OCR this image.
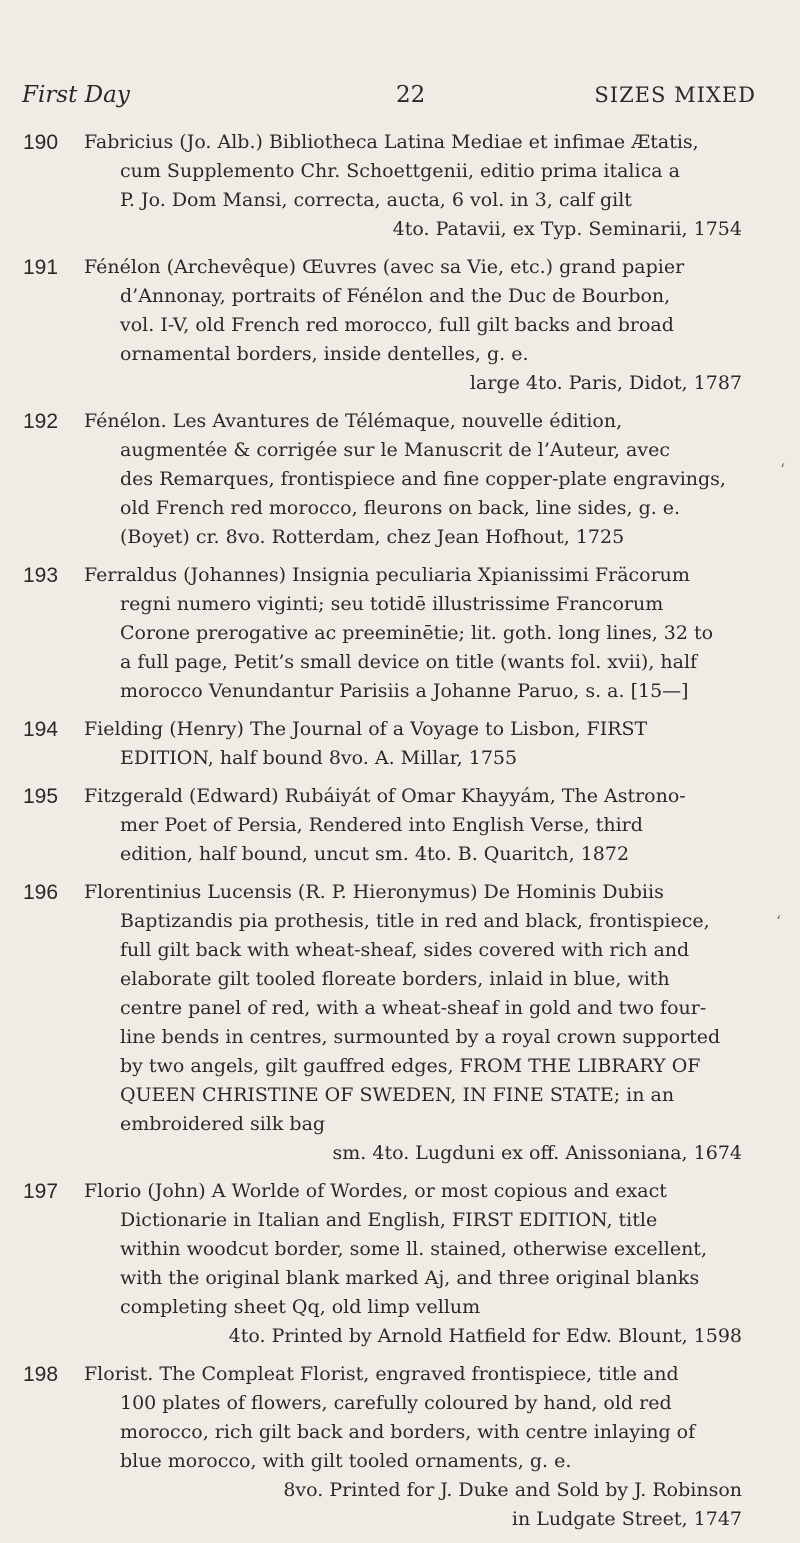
First Day	22	SIZES MIXED
190 Fabricius (Jo. Alb.) Bibliotheca Latina Mediae et infimae Ætatis,
cum Supplemento Chr. Schoettgenii, editio prima italica a
P. Jo. Dom Mansi, correcta, aucta, 6 vol. in 3, calf gilt
4to. Patavii, ex Typ. Seminarii, 1754
191 Fénélon (Archevêque) Œuvres (avec sa Vie, etc.) grand papier
d’Annonay, portraits of Fénélon and the Duc de Bourbon,
vol. I-V, old French red morocco, full gilt backs and broad
ornamental borders, inside dentelles, g. e.
large 4to. Paris, Didot, 1787
192 Fénélon. Les Avantures de Télémaque, nouvelle édition,
augmentée & corrigée sur le Manuscrit de l’Auteur, avec
des Remarques, frontispiece and fine copper-plate engravings,
old French red morocco, fleurons on back, line sides, g. e.
(Boyet) cr. 8vo. Rotterdam, chez Jean Hofhout, 1725
193 Ferraldus (Johannes) Insignia peculiaria Xpianissimi Fräcorum
regni numero viginti; seu totidē illustrissime Francorum
Corone prerogative ac preeminētie; lit. goth. long lines, 32 to
a full page, Petit’s small device on title (wants fol. xvii), half
morocco Venundantur Parisiis a Johanne Paruo, s. a. [15—]
194 Fielding (Henry) The Journal of a Voyage to Lisbon, FIRST
EDITION, half bound 8vo. A. Millar, 1755
195 Fitzgerald (Edward) Rubáiyát of Omar Khayyám, The Astrono-
mer Poet of Persia, Rendered into English Verse, third
edition, half bound, uncut sm. 4to. B. Quaritch, 1872
196 Florentinius Lucensis (R. P. Hieronymus) De Hominis Dubiis
Baptizandis pia prothesis, title in red and black, frontispiece,
full gilt back with wheat-sheaf, sides covered with rich and
elaborate gilt tooled floreate borders, inlaid in blue, with
centre panel of red, with a wheat-sheaf in gold and two four-
line bends in centres, surmounted by a royal crown supported
by two angels, gilt gauffred edges, FROM THE LIBRARY OF
QUEEN CHRISTINE OF SWEDEN, IN FINE STATE; in an
embroidered silk bag
sm. 4to. Lugduni ex off. Anissoniana, 1674
197 Florio (John) A Worlde of Wordes, or most copious and exact
Dictionarie in Italian and English, FIRST EDITION, title
within woodcut border, some ll. stained, otherwise excellent,
with the original blank marked Aj, and three original blanks
completing sheet Qq, old limp vellum
4to. Printed by Arnold Hatfield for Edw. Blount, 1598
198 Florist. The Compleat Florist, engraved frontispiece, title and
100 plates of flowers, carefully coloured by hand, old red
morocco, rich gilt back and borders, with centre inlaying of
blue morocco, with gilt tooled ornaments, g. e.
8vo. Printed for J. Duke and Sold by J. Robinson
in Ludgate Street, 1747
‘
‘
